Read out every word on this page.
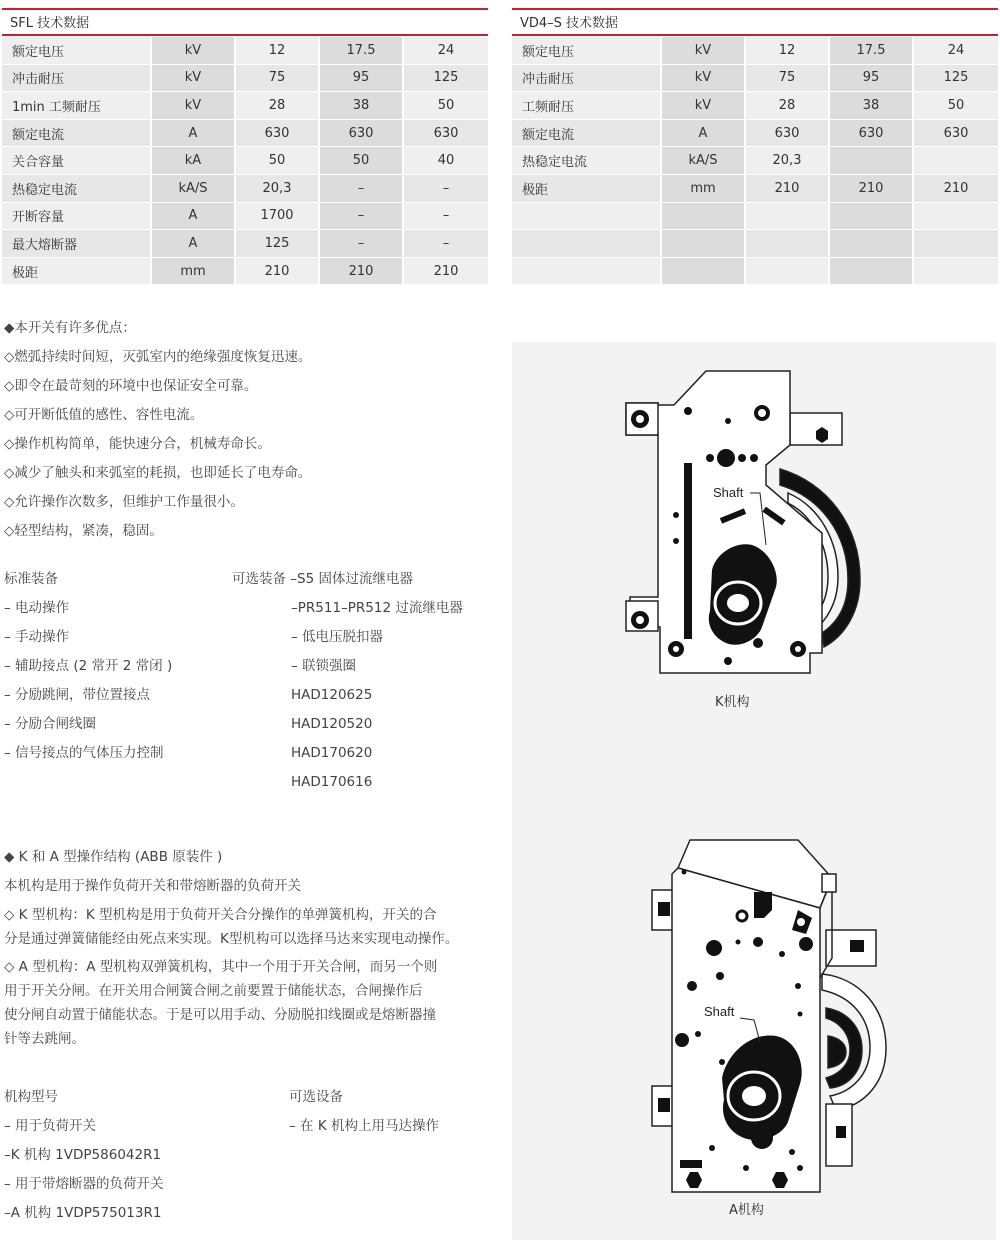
SFL 技术数据
额定电压	kV	12	17.5	24
冲击耐压	kV	75	95	125
1min 工频耐压	kV	28	38	50
额定电流	A	630	630	630
关合容量	kA	50	50	40
热稳定电流	kA/S	20,3	–	–
开断容量	A	1700	–	–
最大熔断器	A	125	–	–
极距	mm	210	210	210
VD4–S 技术数据
额定电压	kV	12	17.5	24
冲击耐压	kV	75	95	125
工频耐压	kV	28	38	50
额定电流	A	630	630	630
热稳定电流	kA/S	20,3		
极距	mm	210	210	210

◆本开关有许多优点：
◇燃弧持续时间短，灭弧室内的绝缘强度恢复迅速。
◇即令在最苛刻的环境中也保证安全可靠。
◇可开断低值的感性、容性电流。
◇操作机构简单，能快速分合，机械寿命长。
◇减少了触头和来弧室的耗损，也即延长了电寿命。
◇允许操作次数多，但维护工作量很小。
◇轻型结构，紧凑，稳固。
标准装备
– 电动操作
– 手动操作
– 辅助接点 (2 常开 2 常闭 )
– 分励跳闸，带位置接点
– 分励合闸线圈
– 信号接点的气体压力控制
可选装备 –S5 固体过流继电器
–PR511–PR512 过流继电器
– 低电压脱扣器
– 联锁强圈
HAD120625
HAD120520
HAD170620
HAD170616
◆ K 和 A 型操作结构 (ABB 原装件 )
本机构是用于操作负荷开关和带熔断器的负荷开关
◇ K 型机构：K 型机构是用于负荷开关合分操作的单弹簧机构，开关的合
分是通过弹簧储能经由死点来实现。K型机构可以选择马达来实现电动操作。
◇ A 型机构：A 型机构双弹簧机构，其中一个用于开关合闸，而另一个则
用于开关分闸。在开关用合闸簧合闸之前要置于储能状态，合闸操作后
使分闸自动置于储能状态。于是可以用手动、分励脱扣线圈或是熔断器撞
针等去跳闸。
机构型号
– 用于负荷开关
–K 机构 1VDP586042R1
– 用于带熔断器的负荷开关
–A 机构 1VDP575013R1
可选设备
– 在 K 机构上用马达操作
Shaft
K机构
Shaft
A机构
